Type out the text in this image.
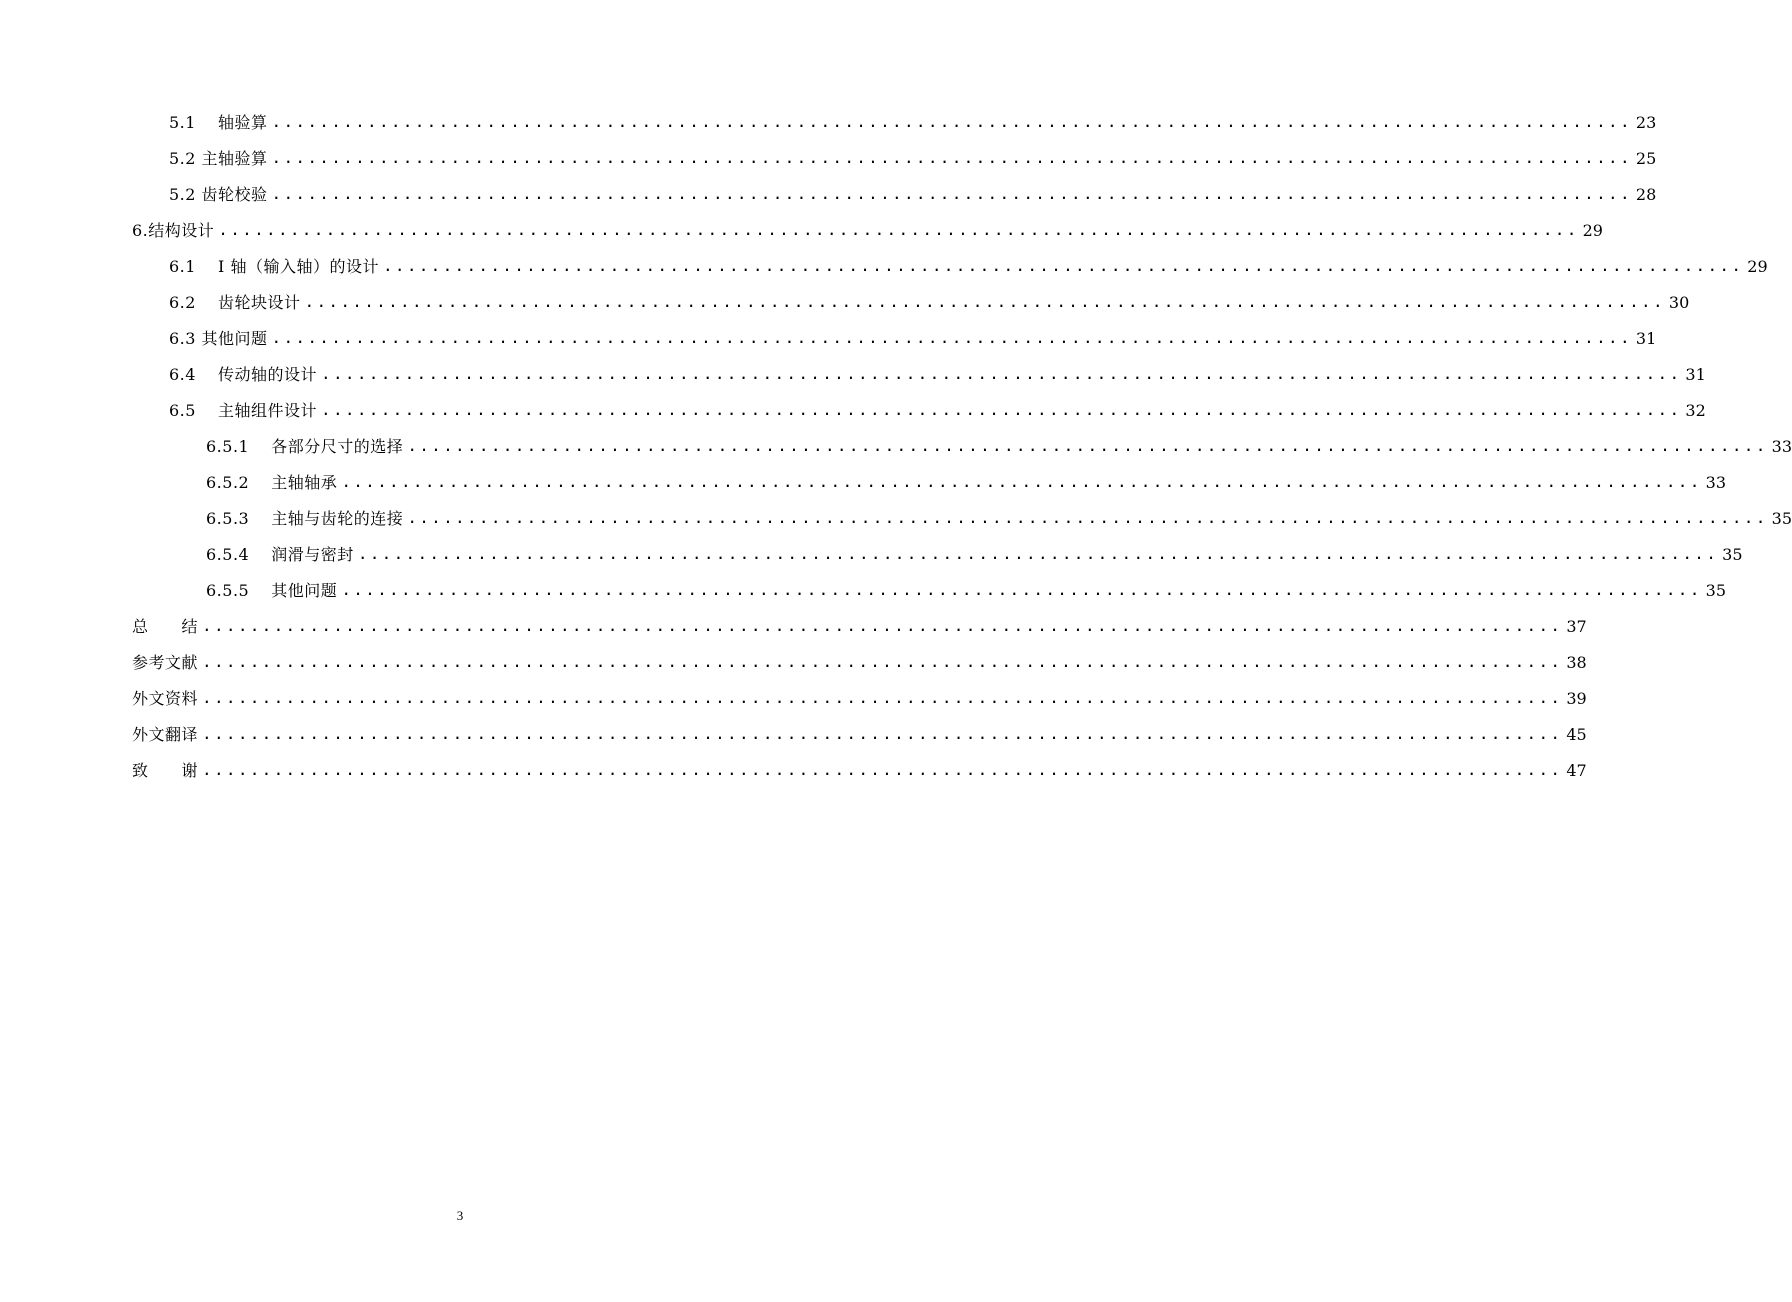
5.1　 轴验算 .................................................................................................................. 23
5.2 主轴验算 .................................................................................................................. 25
5.2 齿轮校验 .................................................................................................................. 28
6.结构设计 .................................................................................................................. 29
6.1　 I 轴（输入轴）的设计 .................................................................................................................. 29
6.2　 齿轮块设计 .................................................................................................................. 30
6.3 其他问题 .................................................................................................................. 31
6.4　 传动轴的设计 .................................................................................................................. 31
6.5　 主轴组件设计 .................................................................................................................. 32
6.5.1　 各部分尺寸的选择 .................................................................................................................. 33
6.5.2　 主轴轴承 .................................................................................................................. 33
6.5.3　 主轴与齿轮的连接 .................................................................................................................. 35
6.5.4　 润滑与密封 .................................................................................................................. 35
6.5.5　 其他问题 .................................................................................................................. 35
总　　结 .................................................................................................................. 37
参考文献 .................................................................................................................. 38
外文资料 .................................................................................................................. 39
外文翻译 .................................................................................................................. 45
致　　谢 .................................................................................................................. 47
3
